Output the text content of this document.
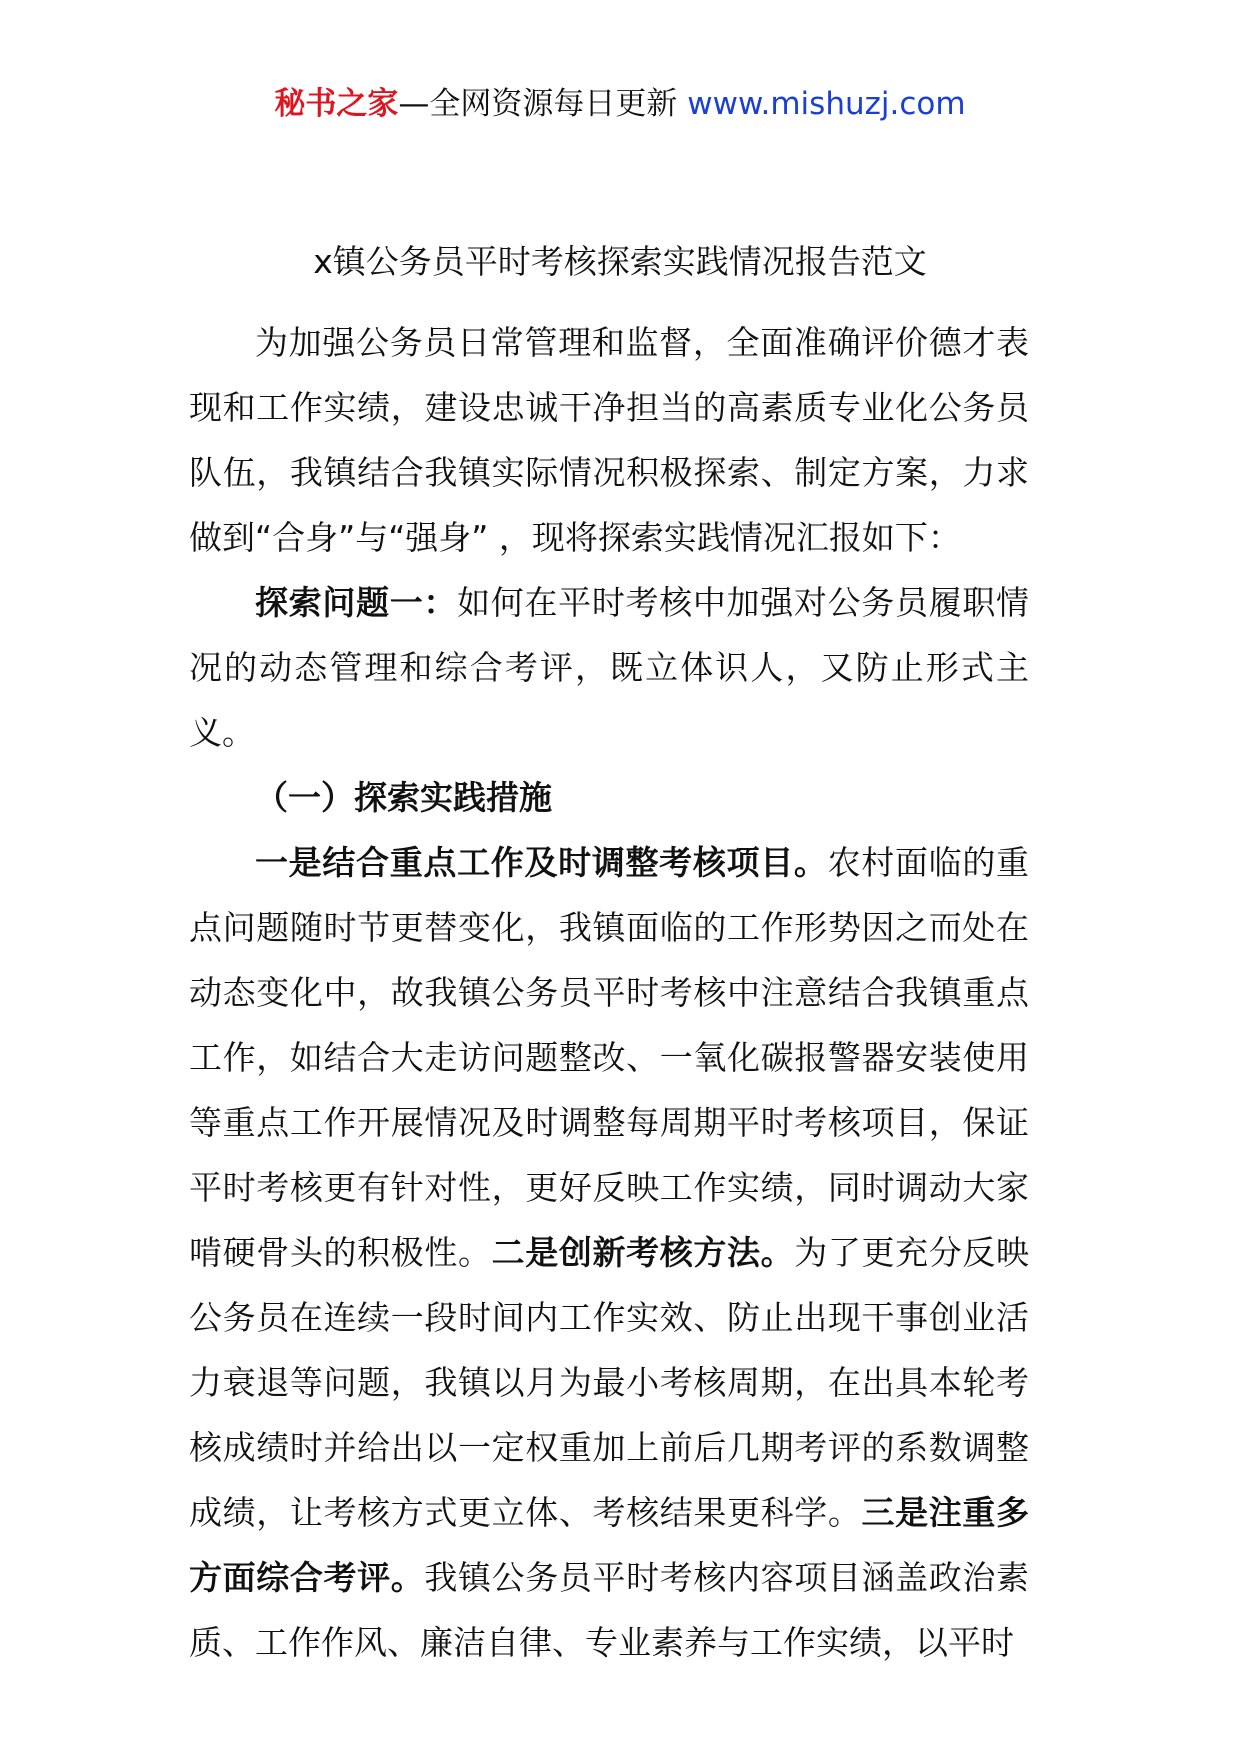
秘书之家—全网资源每日更新 www.mishuzj.com
x镇公务员平时考核探索实践情况报告范文

为加强公务员日常管理和监督，全面准确评价德才表现和工作实绩，建设忠诚干净担当的高素质专业化公务员队伍，我镇结合我镇实际情况积极探索、制定方案，力求做到“合身”与“强身” ，现将探索实践情况汇报如下：

探索问题一：如何在平时考核中加强对公务员履职情况的动态管理和综合考评，既立体识人，又防止形式主义。

（一）探索实践措施

一是结合重点工作及时调整考核项目。农村面临的重点问题随时节更替变化，我镇面临的工作形势因之而处在动态变化中，故我镇公务员平时考核中注意结合我镇重点工作，如结合大走访问题整改、一氧化碳报警器安装使用等重点工作开展情况及时调整每周期平时考核项目，保证平时考核更有针对性，更好反映工作实绩，同时调动大家啃硬骨头的积极性。二是创新考核方法。为了更充分反映公务员在连续一段时间内工作实效、防止出现干事创业活力衰退等问题，我镇以月为最小考核周期，在出具本轮考核成绩时并给出以一定权重加上前后几期考评的系数调整成绩，让考核方式更立体、考核结果更科学。三是注重多方面综合考评。我镇公务员平时考核内容项目涵盖政治素质、工作作风、廉洁自律、专业素养与工作实绩，以平时
